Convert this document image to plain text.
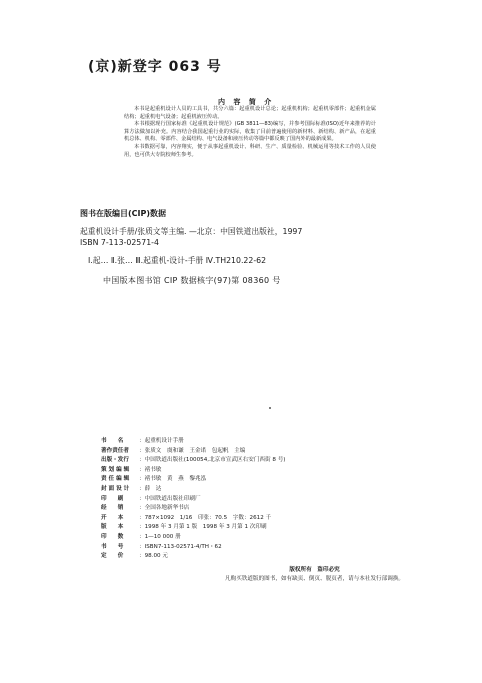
(京)新登字 063 号
内 容 简 介

本书是起重机设计人员的工具书，共分六篇：起重机设计总论；起重机机构；起重机零部件；起重机金属结构；起重机电气设备；起重机液压传动。

本书根据现行国家标准《起重机设计规范》(GB 3811—83)编写，并参考国际标准(ISO)近年来推荐的计算方法做加以补充。内容结合我国起重行业的实际，收集了目前普遍使用的新材料、新结构、新产品，在起重机总体、机构、零部件、金属结构、电气设备和液压传动等篇中都反映了国内外的最新成果。

本书数据可靠，内容翔实，便于从事起重机设计、科研、生产、质量检验、机械运用等技术工作的人员使用，也可供大专院校师生参考。

图书在版编目(CIP)数据
起重机设计手册/张质文等主编. —北京：中国铁道出版社，1997
ISBN 7-113-02571-4
Ⅰ.起… Ⅱ.张… Ⅲ.起重机-设计-手册 Ⅳ.TH210.22-62
中国版本图书馆 CIP 数据核字(97)第 08360 号
书　　名	：起重机设计手册
著作责任者 ：张质文　虞和谦　王金诺　包起帆　主编
出版・发行 ：中国铁道出版社(100054,北京市宣武区右安门西街 8 号)
策 划 编 辑 ：褚书敏
责 任 编 辑 ：褚书敏　黄　燕　黎兆泓
封 面 设 计 ：薛　达
印　　刷	：中国铁道出版社印刷厂
经　　销	：全国各地新华书店
开　　本	：787×1092　1/16　印张：70.5　字数：2612 千
版　　本	：1998 年 3 月第 1 版　1998 年 3 月第 1 次印刷
印　　数	：1—10 000 册
书　　号	：ISBN7-113-02571-4/TH・62
定　　价	：98.00 元
版权所有　盗印必究
凡购买铁道版的图书，如有缺页、倒页、脱页者，请与本社发行部调换。
